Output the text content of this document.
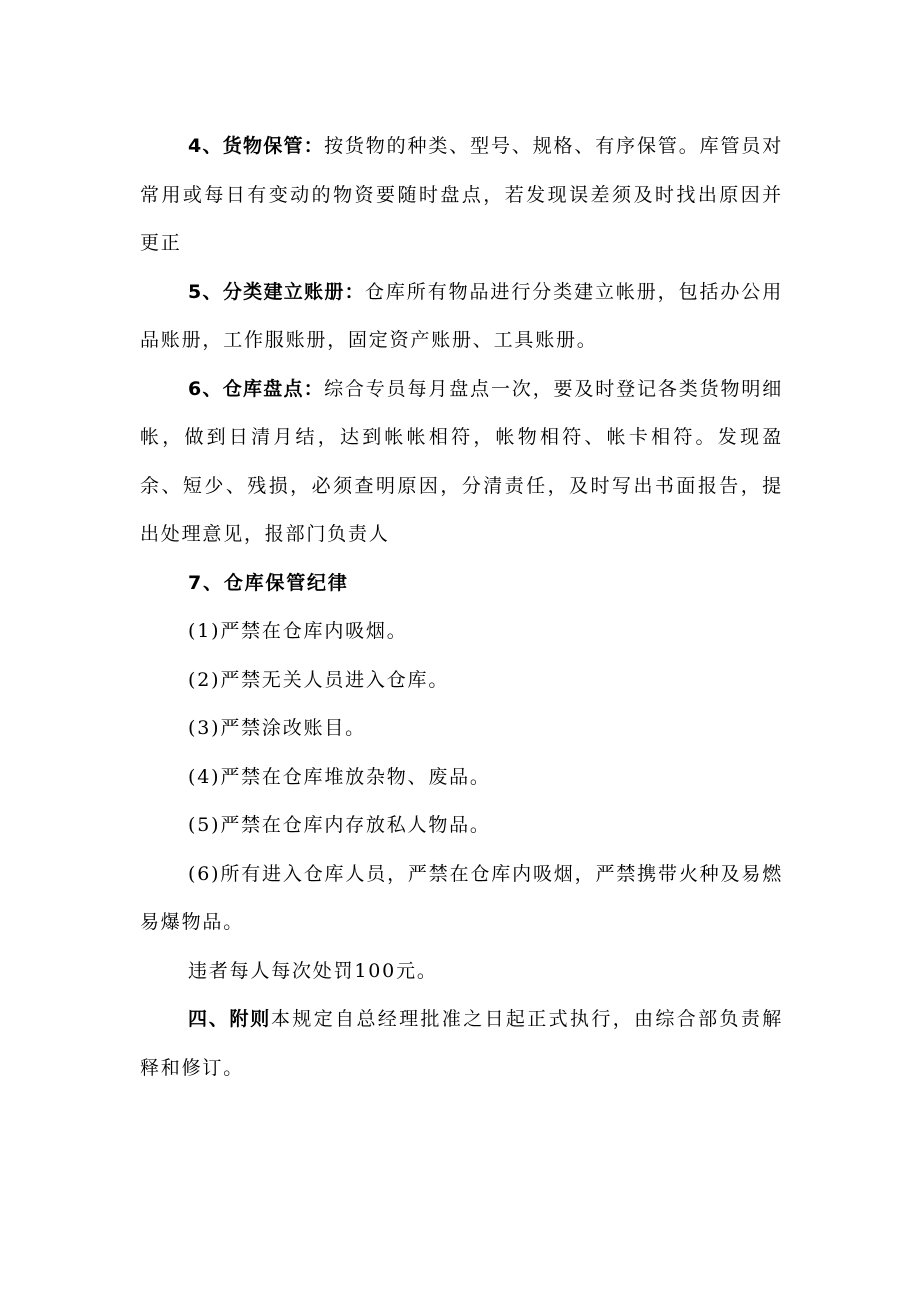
4、货物保管：按货物的种类、型号、规格、有序保管。库管员对常用或每日有变动的物资要随时盘点，若发现误差须及时找出原因并更正

5、分类建立账册：仓库所有物品进行分类建立帐册，包括办公用品账册，工作服账册，固定资产账册、工具账册。

6、仓库盘点：综合专员每月盘点一次，要及时登记各类货物明细帐，做到日清月结，达到帐帐相符，帐物相符、帐卡相符。发现盈余、短少、残损，必须查明原因，分清责任，及时写出书面报告，提出处理意见，报部门负责人

7、仓库保管纪律

(1)严禁在仓库内吸烟。

(2)严禁无关人员进入仓库。

(3)严禁涂改账目。

(4)严禁在仓库堆放杂物、废品。

(5)严禁在仓库内存放私人物品。

(6)所有进入仓库人员，严禁在仓库内吸烟，严禁携带火种及易燃易爆物品。

违者每人每次处罚100元。

四、附则本规定自总经理批准之日起正式执行，由综合部负责解释和修订。
